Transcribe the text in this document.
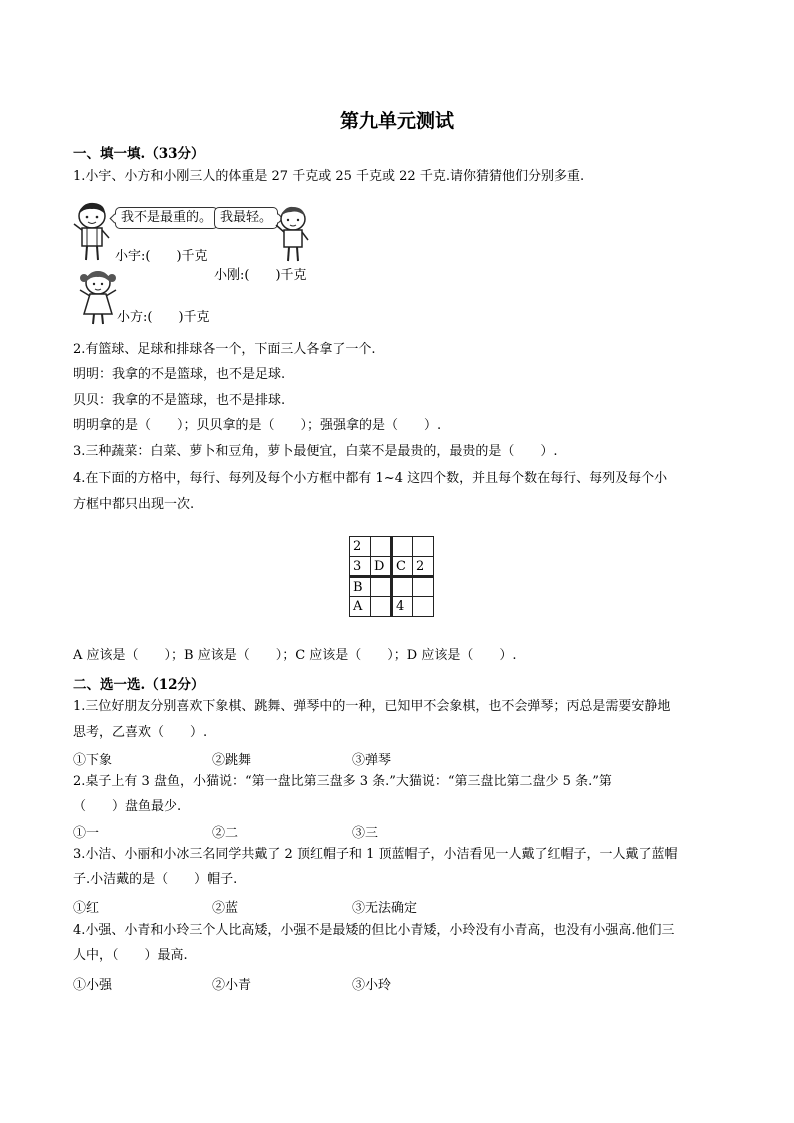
第九单元测试
一、填一填.（33分）
1.小宇、小方和小刚三人的体重是 27 千克或 25 千克或 22 千克.请你猜猜他们分别多重.
我不是最重的。 我最轻。
小宇:(　　)千克
小刚:(　　)千克
小方:(　　)千克
2.有篮球、足球和排球各一个，下面三人各拿了一个.
明明：我拿的不是篮球，也不是足球.
贝贝：我拿的不是篮球，也不是排球.
明明拿的是（　　）；贝贝拿的是（　　）；强强拿的是（　　）.
3.三种蔬菜：白菜、萝卜和豆角，萝卜最便宜，白菜不是最贵的，最贵的是（　　）.
4.在下面的方格中，每行、每列及每个小方框中都有 1~4 这四个数，并且每个数在每行、每列及每个小
方框中都只出现一次.
2			
3	D	C	2
B			
A		4	
A 应该是（　　）；B 应该是（　　）；C 应该是（　　）；D 应该是（　　）.
二、选一选.（12分）
1.三位好朋友分别喜欢下象棋、跳舞、弹琴中的一种，已知甲不会象棋，也不会弹琴；丙总是需要安静地
思考，乙喜欢（　　）.
①下象	②跳舞	③弹琴
2.桌子上有 3 盘鱼，小猫说：“第一盘比第三盘多 3 条.”大猫说：“第三盘比第二盘少 5 条.”第
（　　）盘鱼最少.
①一	②二	③三
3.小洁、小丽和小冰三名同学共戴了 2 顶红帽子和 1 顶蓝帽子，小洁看见一人戴了红帽子，一人戴了蓝帽
子.小洁戴的是（　　）帽子.
①红	②蓝	③无法确定
4.小强、小青和小玲三个人比高矮，小强不是最矮的但比小青矮，小玲没有小青高，也没有小强高.他们三
人中，（　　）最高.
①小强	②小青	③小玲
